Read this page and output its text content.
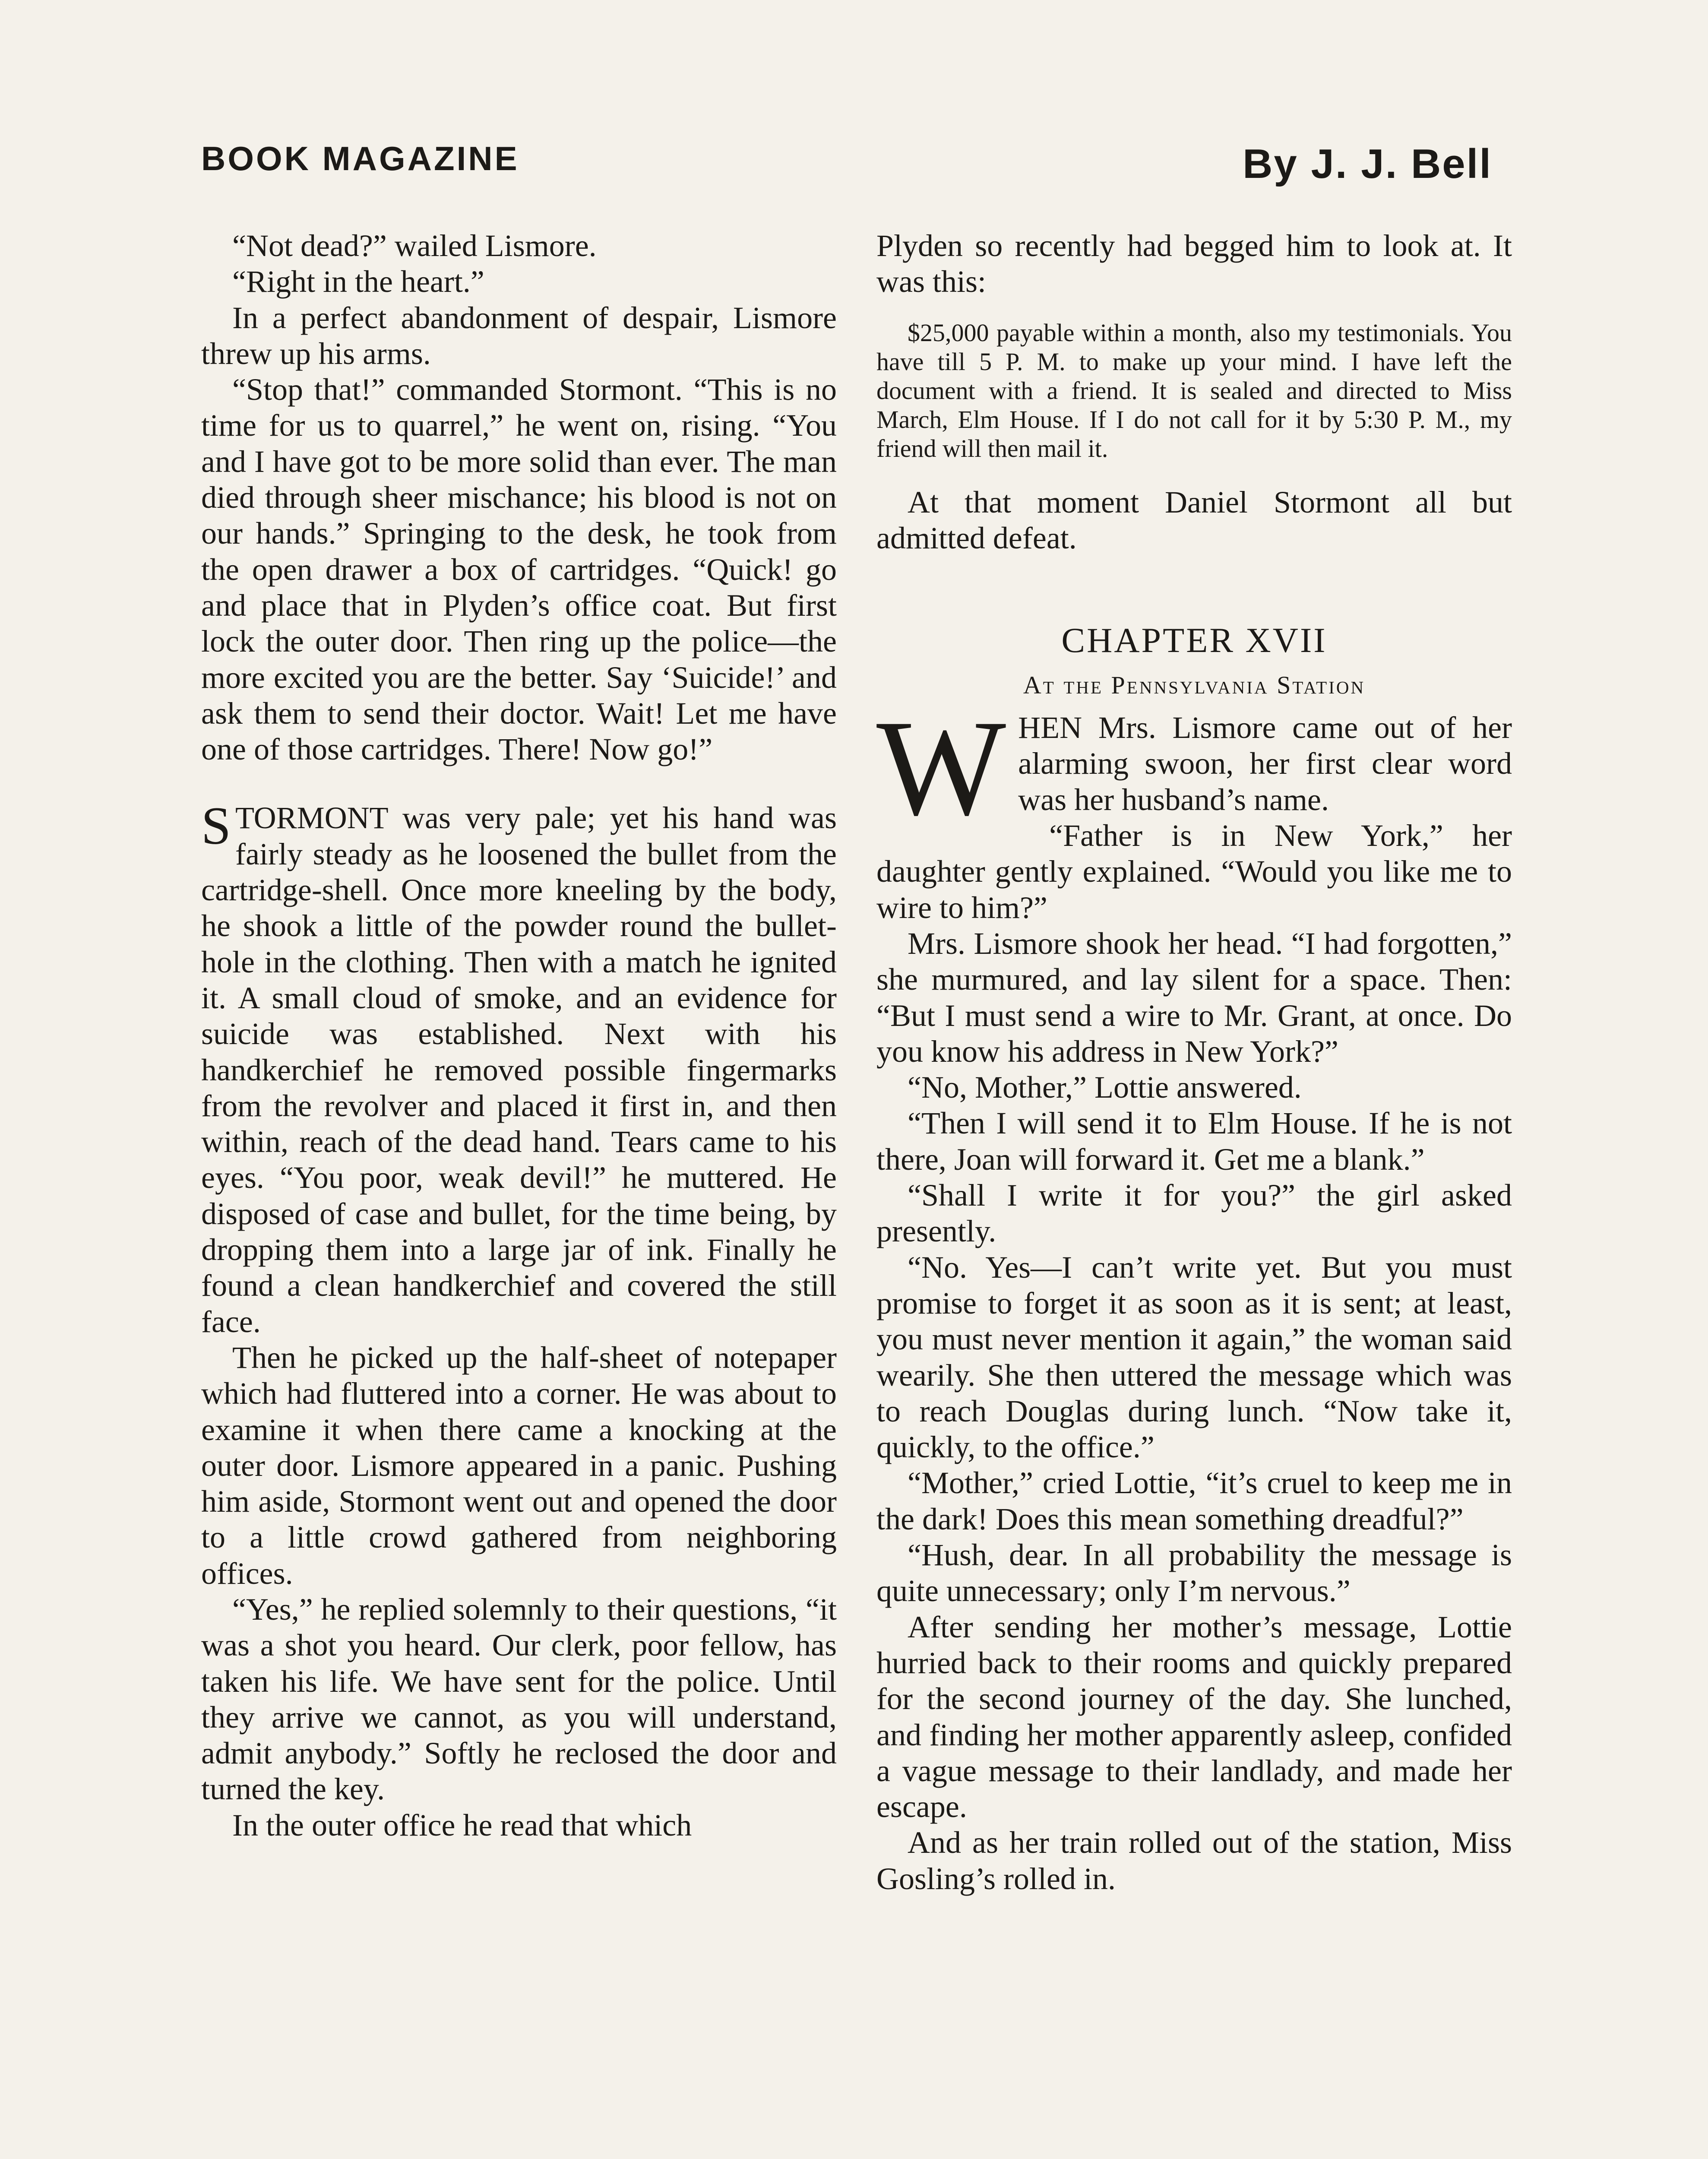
BOOK MAGAZINE	By J. J. Bell

“Not dead?” wailed Lismore.

“Right in the heart.”

In a perfect abandonment of despair, Lismore threw up his arms.

“Stop that!” commanded Stormont. “This is no time for us to quarrel,” he went on, rising. “You and I have got to be more solid than ever. The man died through sheer mischance; his blood is not on our hands.” Springing to the desk, he took from the open drawer a box of cartridges. “Quick! go and place that in Plyden’s office coat. But first lock the outer door. Then ring up the police—the more excited you are the better. Say ‘Suicide!’ and ask them to send their doctor. Wait! Let me have one of those cartridges. There! Now go!”

S TORMONT was very pale; yet his hand was fairly steady as he loosened the bullet from the cartridge-shell. Once more kneeling by the body, he shook a little of the powder round the bullet-hole in the clothing. Then with a match he ignited it. A small cloud of smoke, and an evidence for suicide was established. Next with his handkerchief he removed possible fingermarks from the revolver and placed it first in, and then within, reach of the dead hand. Tears came to his eyes. “You poor, weak devil!” he muttered. He disposed of case and bullet, for the time being, by dropping them into a large jar of ink. Finally he found a clean handkerchief and covered the still face.

Then he picked up the half-sheet of notepaper which had fluttered into a corner. He was about to examine it when there came a knocking at the outer door. Lismore appeared in a panic. Pushing him aside, Stormont went out and opened the door to a little crowd gathered from neighboring offices.

“Yes,” he replied solemnly to their questions, “it was a shot you heard. Our clerk, poor fellow, has taken his life. We have sent for the police. Until they arrive we cannot, as you will understand, admit anybody.” Softly he reclosed the door and turned the key.

In the outer office he read that which

Plyden so recently had begged him to look at. It was this:

$25,000 payable within a month, also my testimonials. You have till 5 P. M. to make up your mind. I have left the document with a friend. It is sealed and directed to Miss March, Elm House. If I do not call for it by 5:30 P. M., my friend will then mail it.

At that moment Daniel Stormont all but admitted defeat.

CHAPTER XVII

At the Pennsylvania Station

W HEN Mrs. Lismore came out of her alarming swoon, her first clear word was her husband’s name.

“Father is in New York,” her daughter gently explained. “Would you like me to wire to him?”

Mrs. Lismore shook her head. “I had forgotten,” she murmured, and lay silent for a space. Then: “But I must send a wire to Mr. Grant, at once. Do you know his address in New York?”

“No, Mother,” Lottie answered.

“Then I will send it to Elm House. If he is not there, Joan will forward it. Get me a blank.”

“Shall I write it for you?” the girl asked presently.

“No. Yes—I can’t write yet. But you must promise to forget it as soon as it is sent; at least, you must never mention it again,” the woman said wearily. She then uttered the message which was to reach Douglas during lunch. “Now take it, quickly, to the office.”

“Mother,” cried Lottie, “it’s cruel to keep me in the dark! Does this mean something dreadful?”

“Hush, dear. In all probability the message is quite unnecessary; only I’m nervous.”

After sending her mother’s message, Lottie hurried back to their rooms and quickly prepared for the second journey of the day. She lunched, and finding her mother apparently asleep, confided a vague message to their landlady, and made her escape.

And as her train rolled out of the station, Miss Gosling’s rolled in.
